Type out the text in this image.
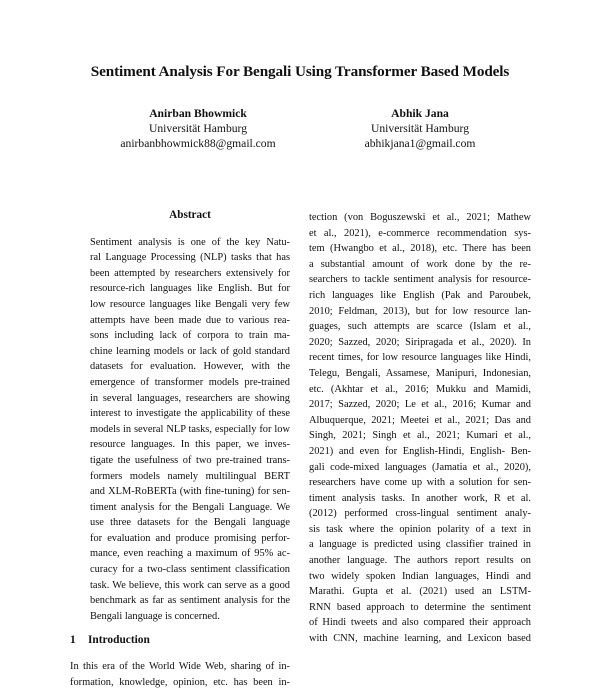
Sentiment Analysis For Bengali Using Transformer Based Models
Anirban Bhowmick
Universität Hamburg
anirbanbhowmick88@gmail.com
Abhik Jana
Universität Hamburg
abhikjana1@gmail.com
Abstract
Sentiment analysis is one of the key Natu-
ral Language Processing (NLP) tasks that has
been attempted by researchers extensively for
resource-rich languages like English. But for
low resource languages like Bengali very few
attempts have been made due to various rea-
sons including lack of corpora to train ma-
chine learning models or lack of gold standard
datasets for evaluation. However, with the
emergence of transformer models pre-trained
in several languages, researchers are showing
interest to investigate the applicability of these
models in several NLP tasks, especially for low
resource languages. In this paper, we inves-
tigate the usefulness of two pre-trained trans-
formers models namely multilingual BERT
and XLM-RoBERTa (with fine-tuning) for sen-
timent analysis for the Bengali Language. We
use three datasets for the Bengali language
for evaluation and produce promising perfor-
mance, even reaching a maximum of 95% ac-
curacy for a two-class sentiment classification
task. We believe, this work can serve as a good
benchmark as far as sentiment analysis for the
Bengali language is concerned.
1 Introduction
In this era of the World Wide Web, sharing of in-
formation, knowledge, opinion, etc. has been in-
tection (von Boguszewski et al., 2021; Mathew
et al., 2021), e-commerce recommendation sys-
tem (Hwangbo et al., 2018), etc. There has been
a substantial amount of work done by the re-
searchers to tackle sentiment analysis for resource-
rich languages like English (Pak and Paroubek,
2010; Feldman, 2013), but for low resource lan-
guages, such attempts are scarce (Islam et al.,
2020; Sazzed, 2020; Siripragada et al., 2020). In
recent times, for low resource languages like Hindi,
Telegu, Bengali, Assamese, Manipuri, Indonesian,
etc. (Akhtar et al., 2016; Mukku and Mamidi,
2017; Sazzed, 2020; Le et al., 2016; Kumar and
Albuquerque, 2021; Meetei et al., 2021; Das and
Singh, 2021; Singh et al., 2021; Kumari et al.,
2021) and even for English-Hindi, English- Ben-
gali code-mixed languages (Jamatia et al., 2020),
researchers have come up with a solution for sen-
timent analysis tasks. In another work, R et al.
(2012) performed cross-lingual sentiment analy-
sis task where the opinion polarity of a text in
a language is predicted using classifier trained in
another language. The authors report results on
two widely spoken Indian languages, Hindi and
Marathi. Gupta et al. (2021) used an LSTM-
RNN based approach to determine the sentiment
of Hindi tweets and also compared their approach
with CNN, machine learning, and Lexicon based
